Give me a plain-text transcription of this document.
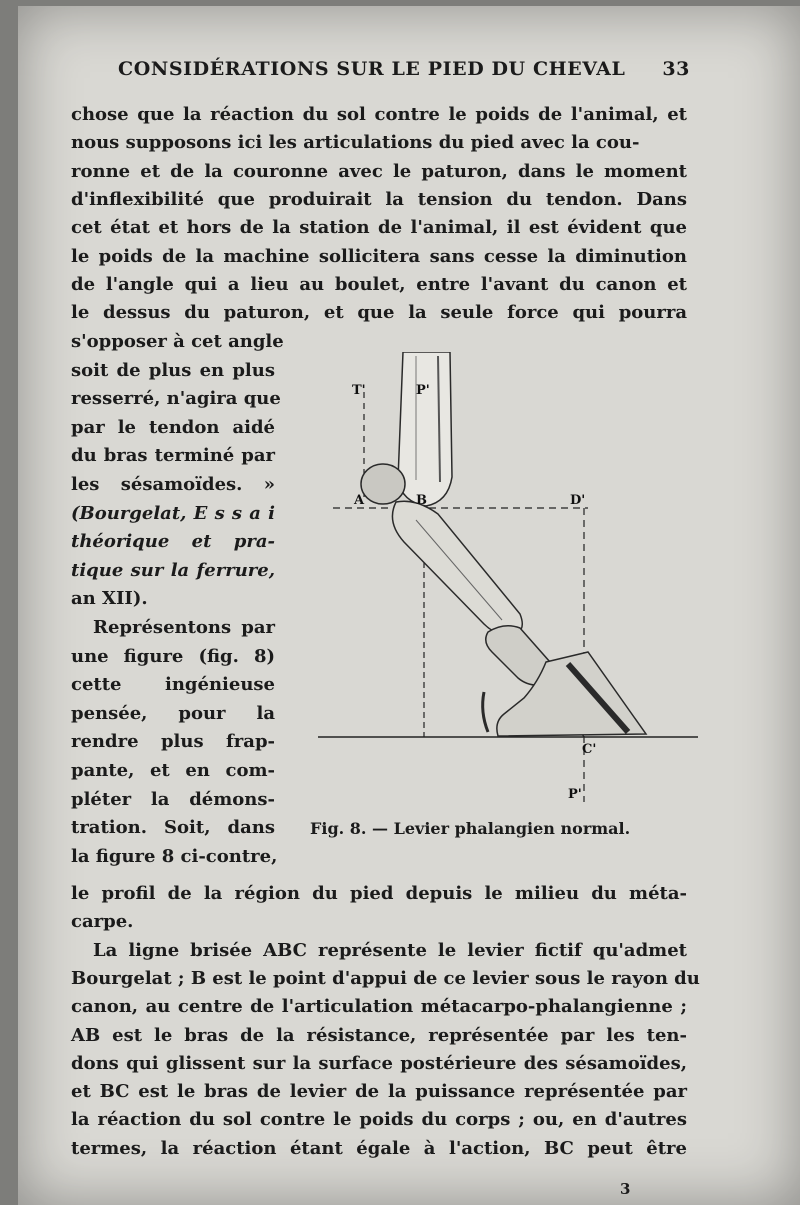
CONSIDÉRATIONS SUR LE PIED DU CHEVAL 33
chose que la réaction du sol contre le poids de l'animal, et
nous supposons ici les articulations du pied avec la cou-
ronne et de la couronne avec le paturon, dans le moment
d'inflexibilité que produirait la tension du tendon. Dans
cet état et hors de la station de l'animal, il est évident que
le poids de la machine sollicitera sans cesse la diminution
de l'angle qui a lieu au boulet, entre l'avant du canon et
le dessus du paturon, et que la seule force qui pourra
s'opposer à cet angle
soit de plus en plus
resserré, n'agira que
par le tendon aidé
du bras terminé par
les sésamoïdes. »
(Bourgelat, E s s a i
théorique et pra-
tique sur la ferrure,
an XII).
Représentons par
une figure (fig. 8)
cette ingénieuse
pensée, pour la
rendre plus frap-
pante, et en com-
pléter la démons-
tration. Soit, dans
la figure 8 ci-contre,
le profil de la région du pied depuis le milieu du méta-
carpe.
La ligne brisée ABC représente le levier fictif qu'admet
Bourgelat ; B est le point d'appui de ce levier sous le rayon du
canon, au centre de l'articulation métacarpo-phalangienne ;
AB est le bras de la résistance, représentée par les ten-
dons qui glissent sur la surface postérieure des sésamoïdes,
et BC est le bras de levier de la puissance représentée par
la réaction du sol contre le poids du corps ; ou, en d'autres
termes, la réaction étant égale à l'action, BC peut être
T'	P'
A	B	D'
C'
P'
Fig. 8. — Levier phalangien normal.
3
